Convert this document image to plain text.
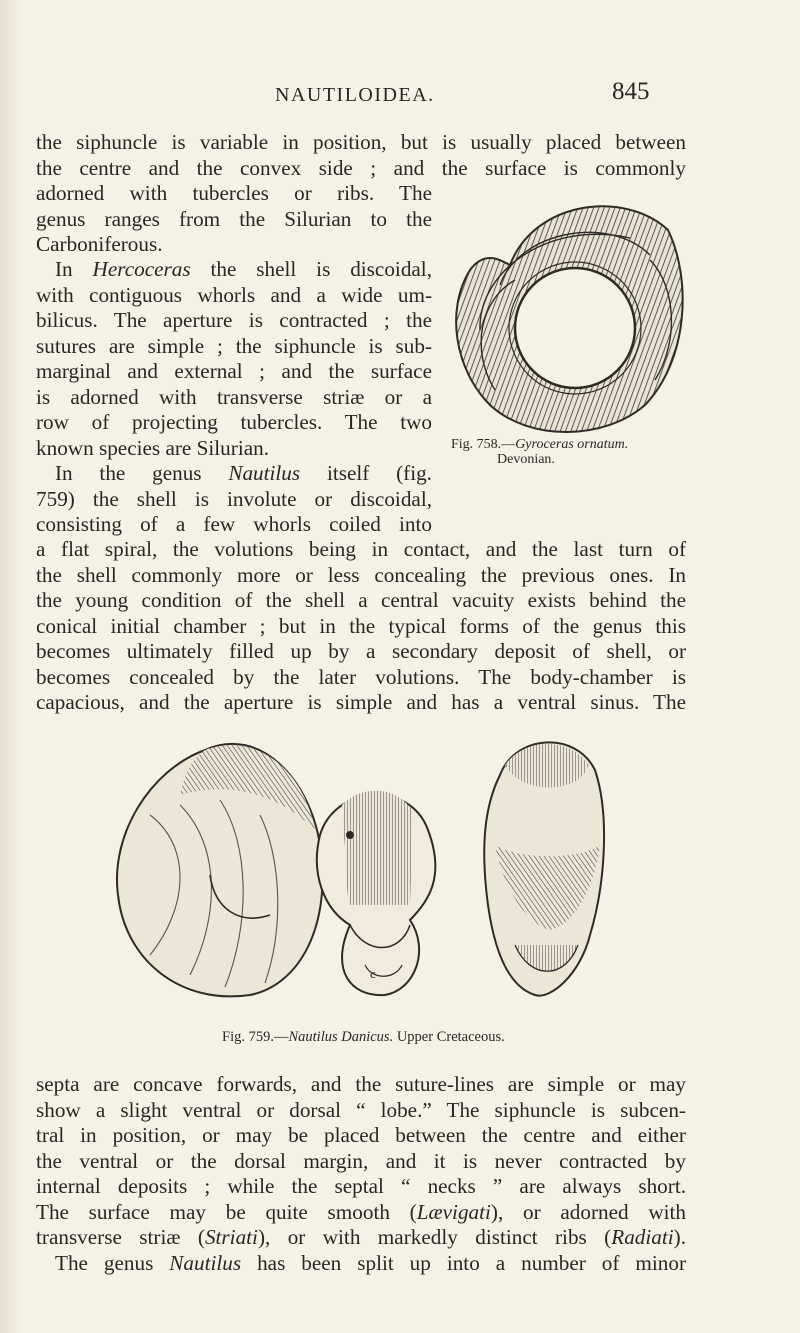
NAUTILOIDEA.	845
the siphuncle is variable in position, but is usually placed between
the centre and the convex side ; and the surface is commonly
adorned with tubercles or ribs. The
genus ranges from the Silurian to the
Carboniferous.
In Hercoceras the shell is discoidal,
with contiguous whorls and a wide um-
bilicus. The aperture is contracted ; the
sutures are simple ; the siphuncle is sub-
marginal and external ; and the surface
is adorned with transverse striæ or a
row of projecting tubercles. The two
known species are Silurian.
In the genus Nautilus itself (fig.
759) the shell is involute or discoidal,
consisting of a few whorls coiled into
a flat spiral, the volutions being in contact, and the last turn of
the shell commonly more or less concealing the previous ones. In
the young condition of the shell a central vacuity exists behind the
conical initial chamber ; but in the typical forms of the genus this
becomes ultimately filled up by a secondary deposit of shell, or
becomes concealed by the later volutions. The body-chamber is
capacious, and the aperture is simple and has a ventral sinus. The
Fig. 758.—Gyroceras ornatum.
Devonian.
c
Fig. 759.—Nautilus Danicus. Upper Cretaceous.
septa are concave forwards, and the suture-lines are simple or may
show a slight ventral or dorsal “ lobe.” The siphuncle is subcen-
tral in position, or may be placed between the centre and either
the ventral or the dorsal margin, and it is never contracted by
internal deposits ; while the septal “ necks ” are always short.
The surface may be quite smooth (Lævigati), or adorned with
transverse striæ (Striati), or with markedly distinct ribs (Radiati).
The genus Nautilus has been split up into a number of minor
